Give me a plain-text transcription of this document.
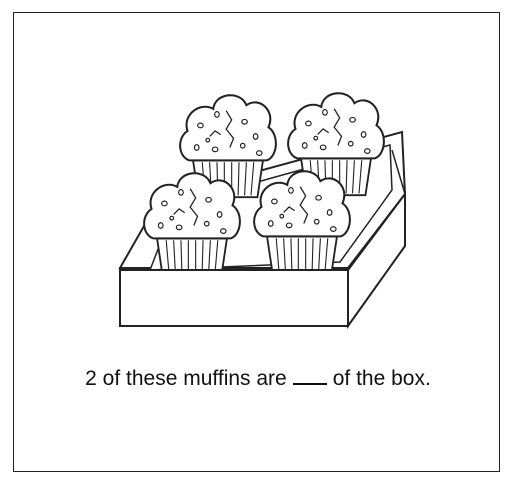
2 of these muffins are of the box.
